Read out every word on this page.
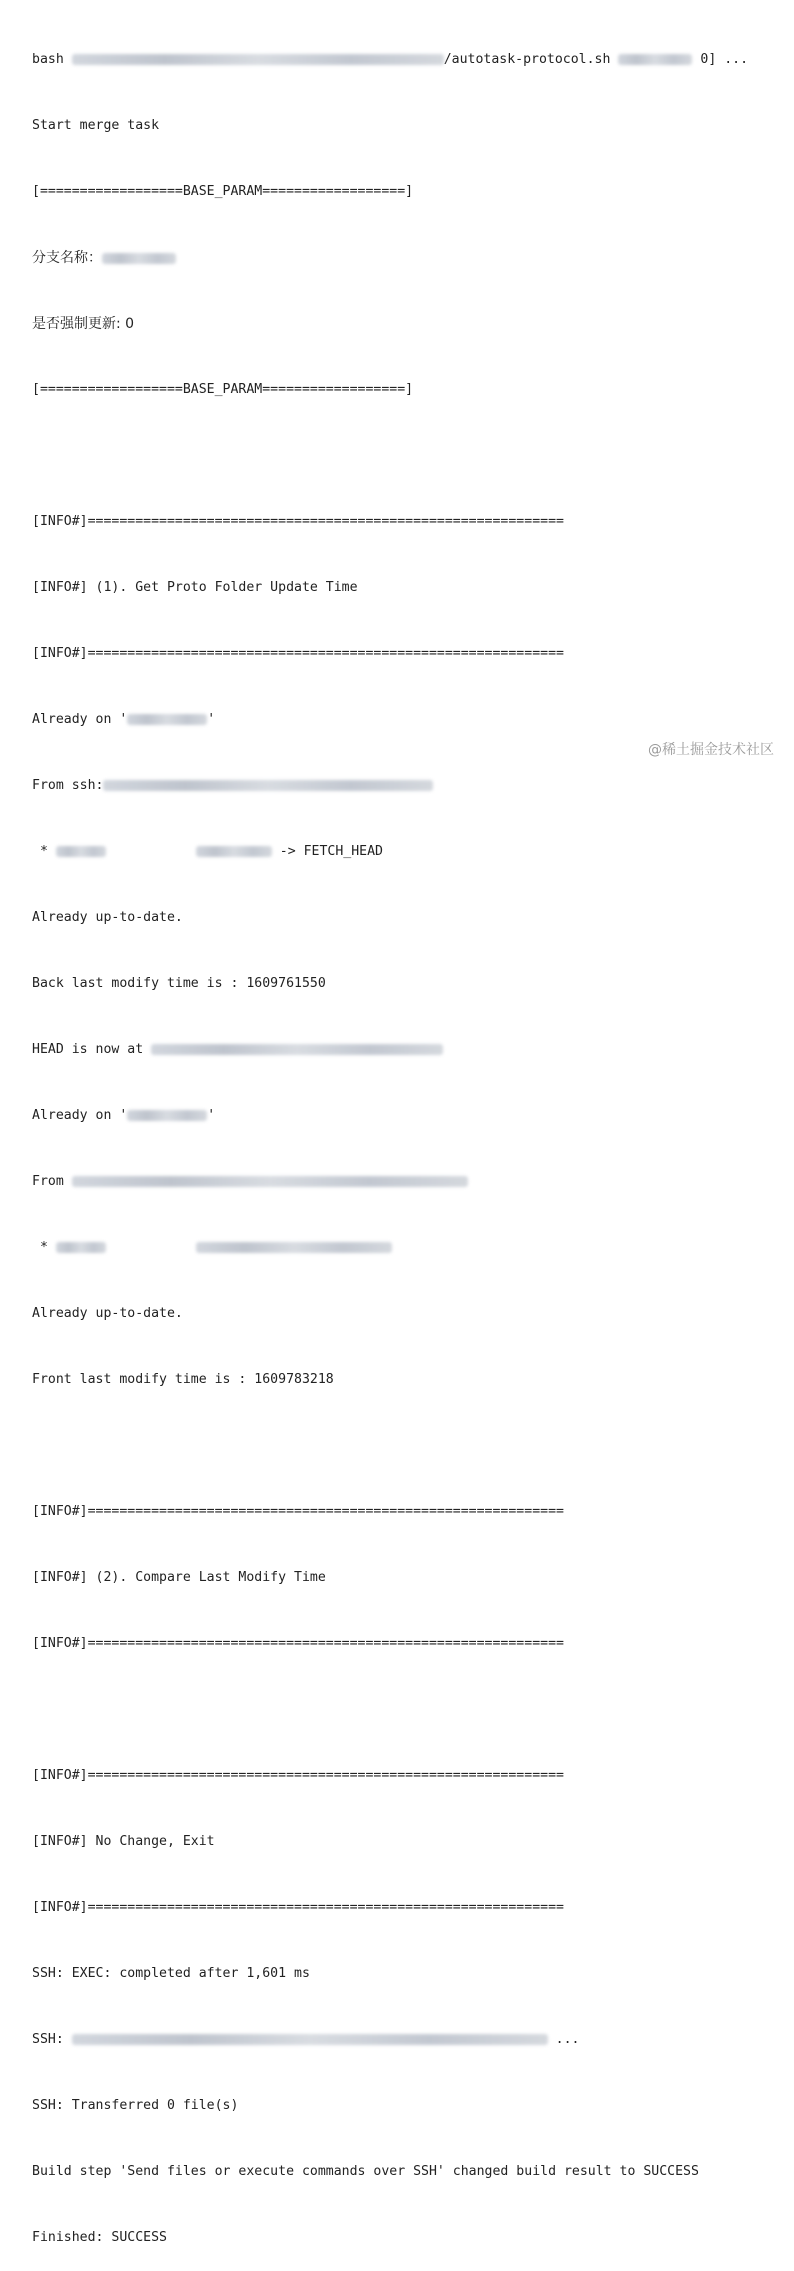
bash	/autotask-protocol.sh	0] ...

Start merge task

[==================BASE_PARAM==================]

分支名称：

是否强制更新: 0

[==================BASE_PARAM==================]

[INFO#]============================================================

[INFO#] (1). Get Proto Folder Update Time

[INFO#]============================================================

Already on '	'

From ssh:

*	-> FETCH_HEAD

Already up-to-date.

Back last modify time is : 1609761550

HEAD is now at

Already on '	'

From

*

Already up-to-date.

Front last modify time is : 1609783218

[INFO#]============================================================

[INFO#] (2). Compare Last Modify Time

[INFO#]============================================================

[INFO#]============================================================

[INFO#] No Change, Exit

[INFO#]============================================================

SSH: EXEC: completed after 1,601 ms

SSH:	...

SSH: Transferred 0 file(s)

Build step 'Send files or execute commands over SSH' changed build result to SUCCESS

Finished: SUCCESS

@稀土掘金技术社区
